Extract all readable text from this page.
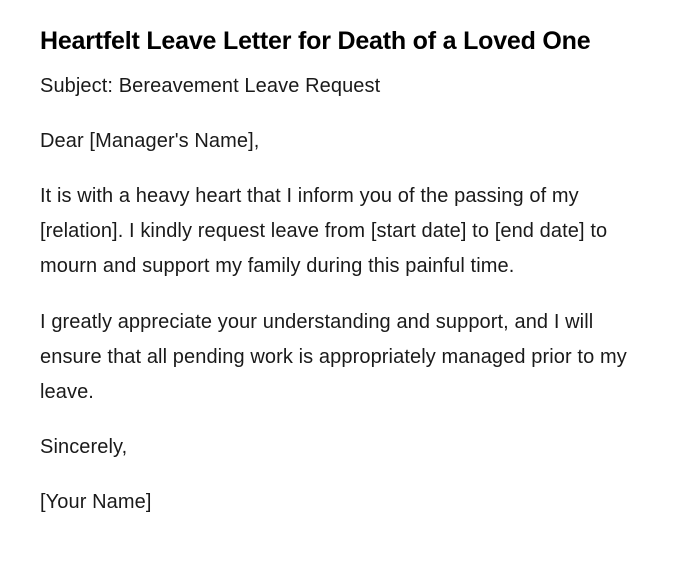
Heartfelt Leave Letter for Death of a Loved One

Subject: Bereavement Leave Request

Dear [Manager's Name],

It is with a heavy heart that I inform you of the passing of my [relation]. I kindly request leave from [start date] to [end date] to mourn and support my family during this painful time.

I greatly appreciate your understanding and support, and I will ensure that all pending work is appropriately managed prior to my leave.

Sincerely,

[Your Name]
